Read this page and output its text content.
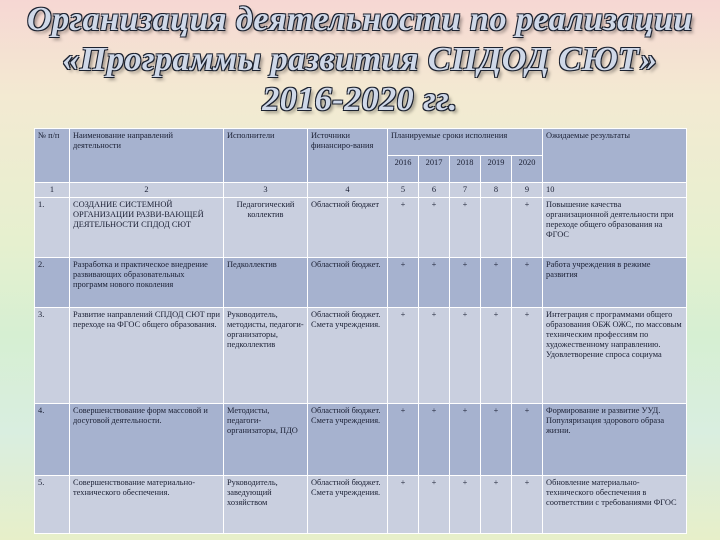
Организация деятельности по реализации
«Программы развития СПДОД СЮТ»
2016-2020 гг.
№ п/п	Наименование направлений деятельности	Исполнители	Источники финансиро-вания	Планируемые сроки исполнения					Ожидаемые результаты
				2016	2017	2018	2019	2020	
1	2	3	4	5	6	7	8	9	10
1.	СОЗДАНИЕ СИСТЕМНОЙ ОРГАНИЗАЦИИ РАЗВИ-ВАЮЩЕЙ ДЕЯТЕЛЬНОСТИ СПДОД СЮТ	Педагогический коллектив	Областной бюджет	+	+	+		+	Повышение качества организационной деятельности при переходе общего образования на ФГОС
2.	Разработка и практическое внедрение развивающих образовательных программ нового поколения	Педколлектив	Областной бюджет.	+	+	+	+	+	Работа учреждения в режиме развития
3.	Развитие направлений СПДОД СЮТ при переходе на ФГОС общего образования.	Руководитель, методисты, педагоги-организаторы, педколлектив	Областной бюджет. Смета учреждения.	+	+	+	+	+	Интеграция с программами общего образования ОБЖ ОЖС, по массовым техническим профессиям по художественному направлению. Удовлетворение спроса социума
4.	Совершенствование форм массовой и досуговой деятельности.	Методисты, педагоги-организаторы, ПДО	Областной бюджет. Смета учреждения.	+	+	+	+	+	Формирование и развитие УУД. Популяризация здорового образа жизни.
5.	Совершенствование материально-технического обеспечения.	Руководитель, заведующий хозяйством	Областной бюджет. Смета учреждения.	+	+	+	+	+	Обновление материально-технического обеспечения в соответствии с требованиями ФГОС
